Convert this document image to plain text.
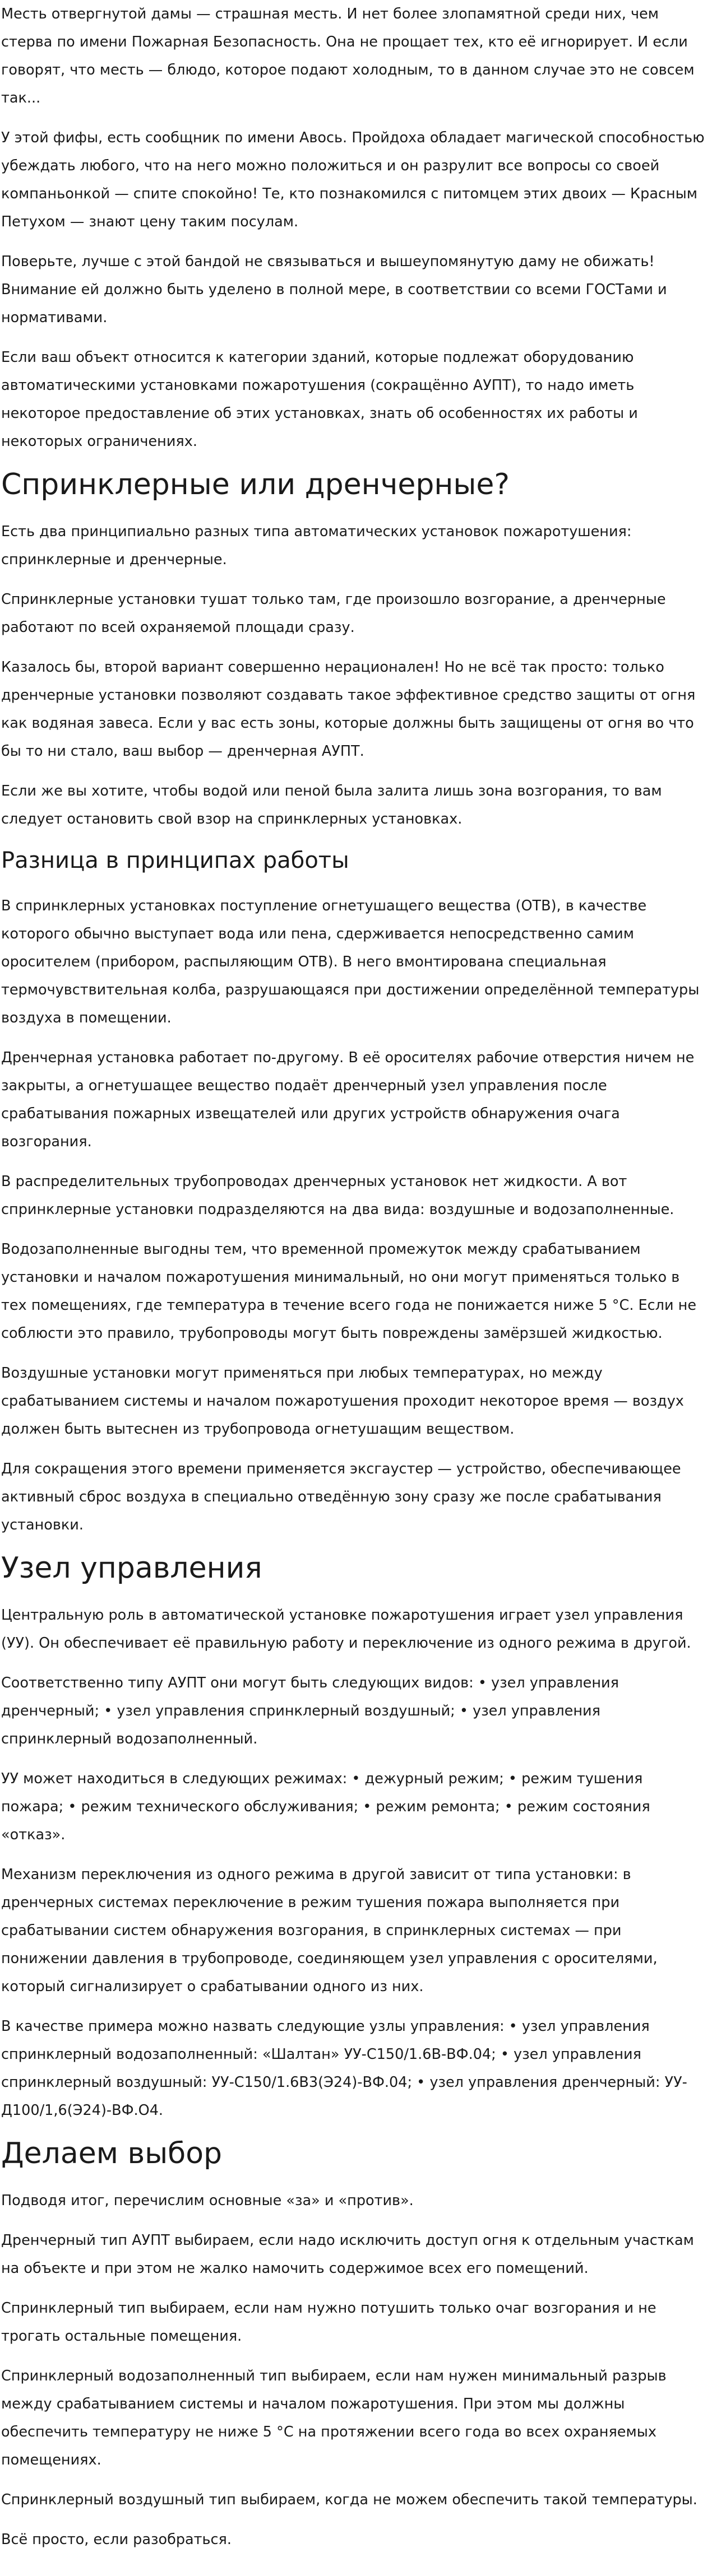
Месть отвергнутой дамы — страшная месть. И нет более злопамятной среди них, чем стерва по имени Пожарная Безопасность. Она не прощает тех, кто её игнорирует. И если говорят, что месть — блюдо, которое подают холодным, то в данном случае это не совсем так...

У этой фифы, есть сообщник по имени Авось. Пройдоха обладает магической способностью убеждать любого, что на него можно положиться и он разрулит все вопросы со своей компаньонкой — спите спокойно! Те, кто познакомился с питомцем этих двоих — Красным Петухом — знают цену таким посулам.

Поверьте, лучше с этой бандой не связываться и вышеупомянутую даму не обижать! Внимание ей должно быть уделено в полной мере, в соответствии со всеми ГОСТами и нормативами.

Если ваш объект относится к категории зданий, которые подлежат оборудованию автоматическими установками пожаротушения (сокращённо АУПТ), то надо иметь некоторое предоставление об этих установках, знать об особенностях их работы и некоторых ограничениях.

Спринклерные или дренчерные?

Есть два принципиально разных типа автоматических установок пожаротушения: спринклерные и дренчерные.

Спринклерные установки тушат только там, где произошло возгорание, а дренчерные работают по всей охраняемой площади сразу.

Казалось бы, второй вариант совершенно нерационален! Но не всё так просто: только дренчерные установки позволяют создавать такое эффективное средство защиты от огня как водяная завеса. Если у вас есть зоны, которые должны быть защищены от огня во что бы то ни стало, ваш выбор — дренчерная АУПТ.

Если же вы хотите, чтобы водой или пеной была залита лишь зона возгорания, то вам следует остановить свой взор на спринклерных установках.

Разница в принципах работы

В спринклерных установках поступление огнетушащего вещества (ОТВ), в качестве которого обычно выступает вода или пена, сдерживается непосредственно самим оросителем (прибором, распыляющим ОТВ). В него вмонтирована специальная термочувствительная колба, разрушающаяся при достижении определённой температуры воздуха в помещении.

Дренчерная установка работает по-другому. В её оросителях рабочие отверстия ничем не закрыты, а огнетушащее вещество подаёт дренчерный узел управления после срабатывания пожарных извещателей или других устройств обнаружения очага возгорания.

В распределительных трубопроводах дренчерных установок нет жидкости. А вот спринклерные установки подразделяются на два вида: воздушные и водозаполненные.

Водозаполненные выгодны тем, что временной промежуток между срабатыванием установки и началом пожаротушения минимальный, но они могут применяться только в тех помещениях, где температура в течение всего года не понижается ниже 5 °С. Если не соблюсти это правило, трубопроводы могут быть повреждены замёрзшей жидкостью.

Воздушные установки могут применяться при любых температурах, но между срабатыванием системы и началом пожаротушения проходит некоторое время — воздух должен быть вытеснен из трубопровода огнетушащим веществом.

Для сокращения этого времени применяется эксгаустер — устройство, обеспечивающее активный сброс воздуха в специально отведённую зону сразу же после срабатывания установки.

Узел управления

Центральную роль в автоматической установке пожаротушения играет узел управления (УУ). Он обеспечивает её правильную работу и переключение из одного режима в другой.

Соответственно типу АУПТ они могут быть следующих видов: • узел управления дренчерный; • узел управления спринклерный воздушный; • узел управления спринклерный водозаполненный.

УУ может находиться в следующих режимах: • дежурный режим; • режим тушения пожара; • режим технического обслуживания; • режим ремонта; • режим состояния «отказ».

Механизм переключения из одного режима в другой зависит от типа установки: в дренчерных системах переключение в режим тушения пожара выполняется при срабатывании систем обнаружения возгорания, в спринклерных системах — при понижении давления в трубопроводе, соединяющем узел управления с оросителями, который сигнализирует о срабатывании одного из них.

В качестве примера можно назвать следующие узлы управления: • узел управления спринклерный водозаполненный: «Шалтан» УУ-С150/1.6В-ВФ.04; • узел управления спринклерный воздушный: УУ-С150/1.6В3(Э24)-ВФ.04; • узел управления дренчерный: УУ-Д100/1,6(Э24)-ВФ.О4.

Делаем выбор

Подводя итог, перечислим основные «за» и «против».

Дренчерный тип АУПТ выбираем, если надо исключить доступ огня к отдельным участкам на объекте и при этом не жалко намочить содержимое всех его помещений.

Спринклерный тип выбираем, если нам нужно потушить только очаг возгорания и не трогать остальные помещения.

Спринклерный водозаполненный тип выбираем, если нам нужен минимальный разрыв между срабатыванием системы и началом пожаротушения. При этом мы должны обеспечить температуру не ниже 5 °С на протяжении всего года во всех охраняемых помещениях.

Спринклерный воздушный тип выбираем, когда не можем обеспечить такой температуры.

Всё просто, если разобраться.
